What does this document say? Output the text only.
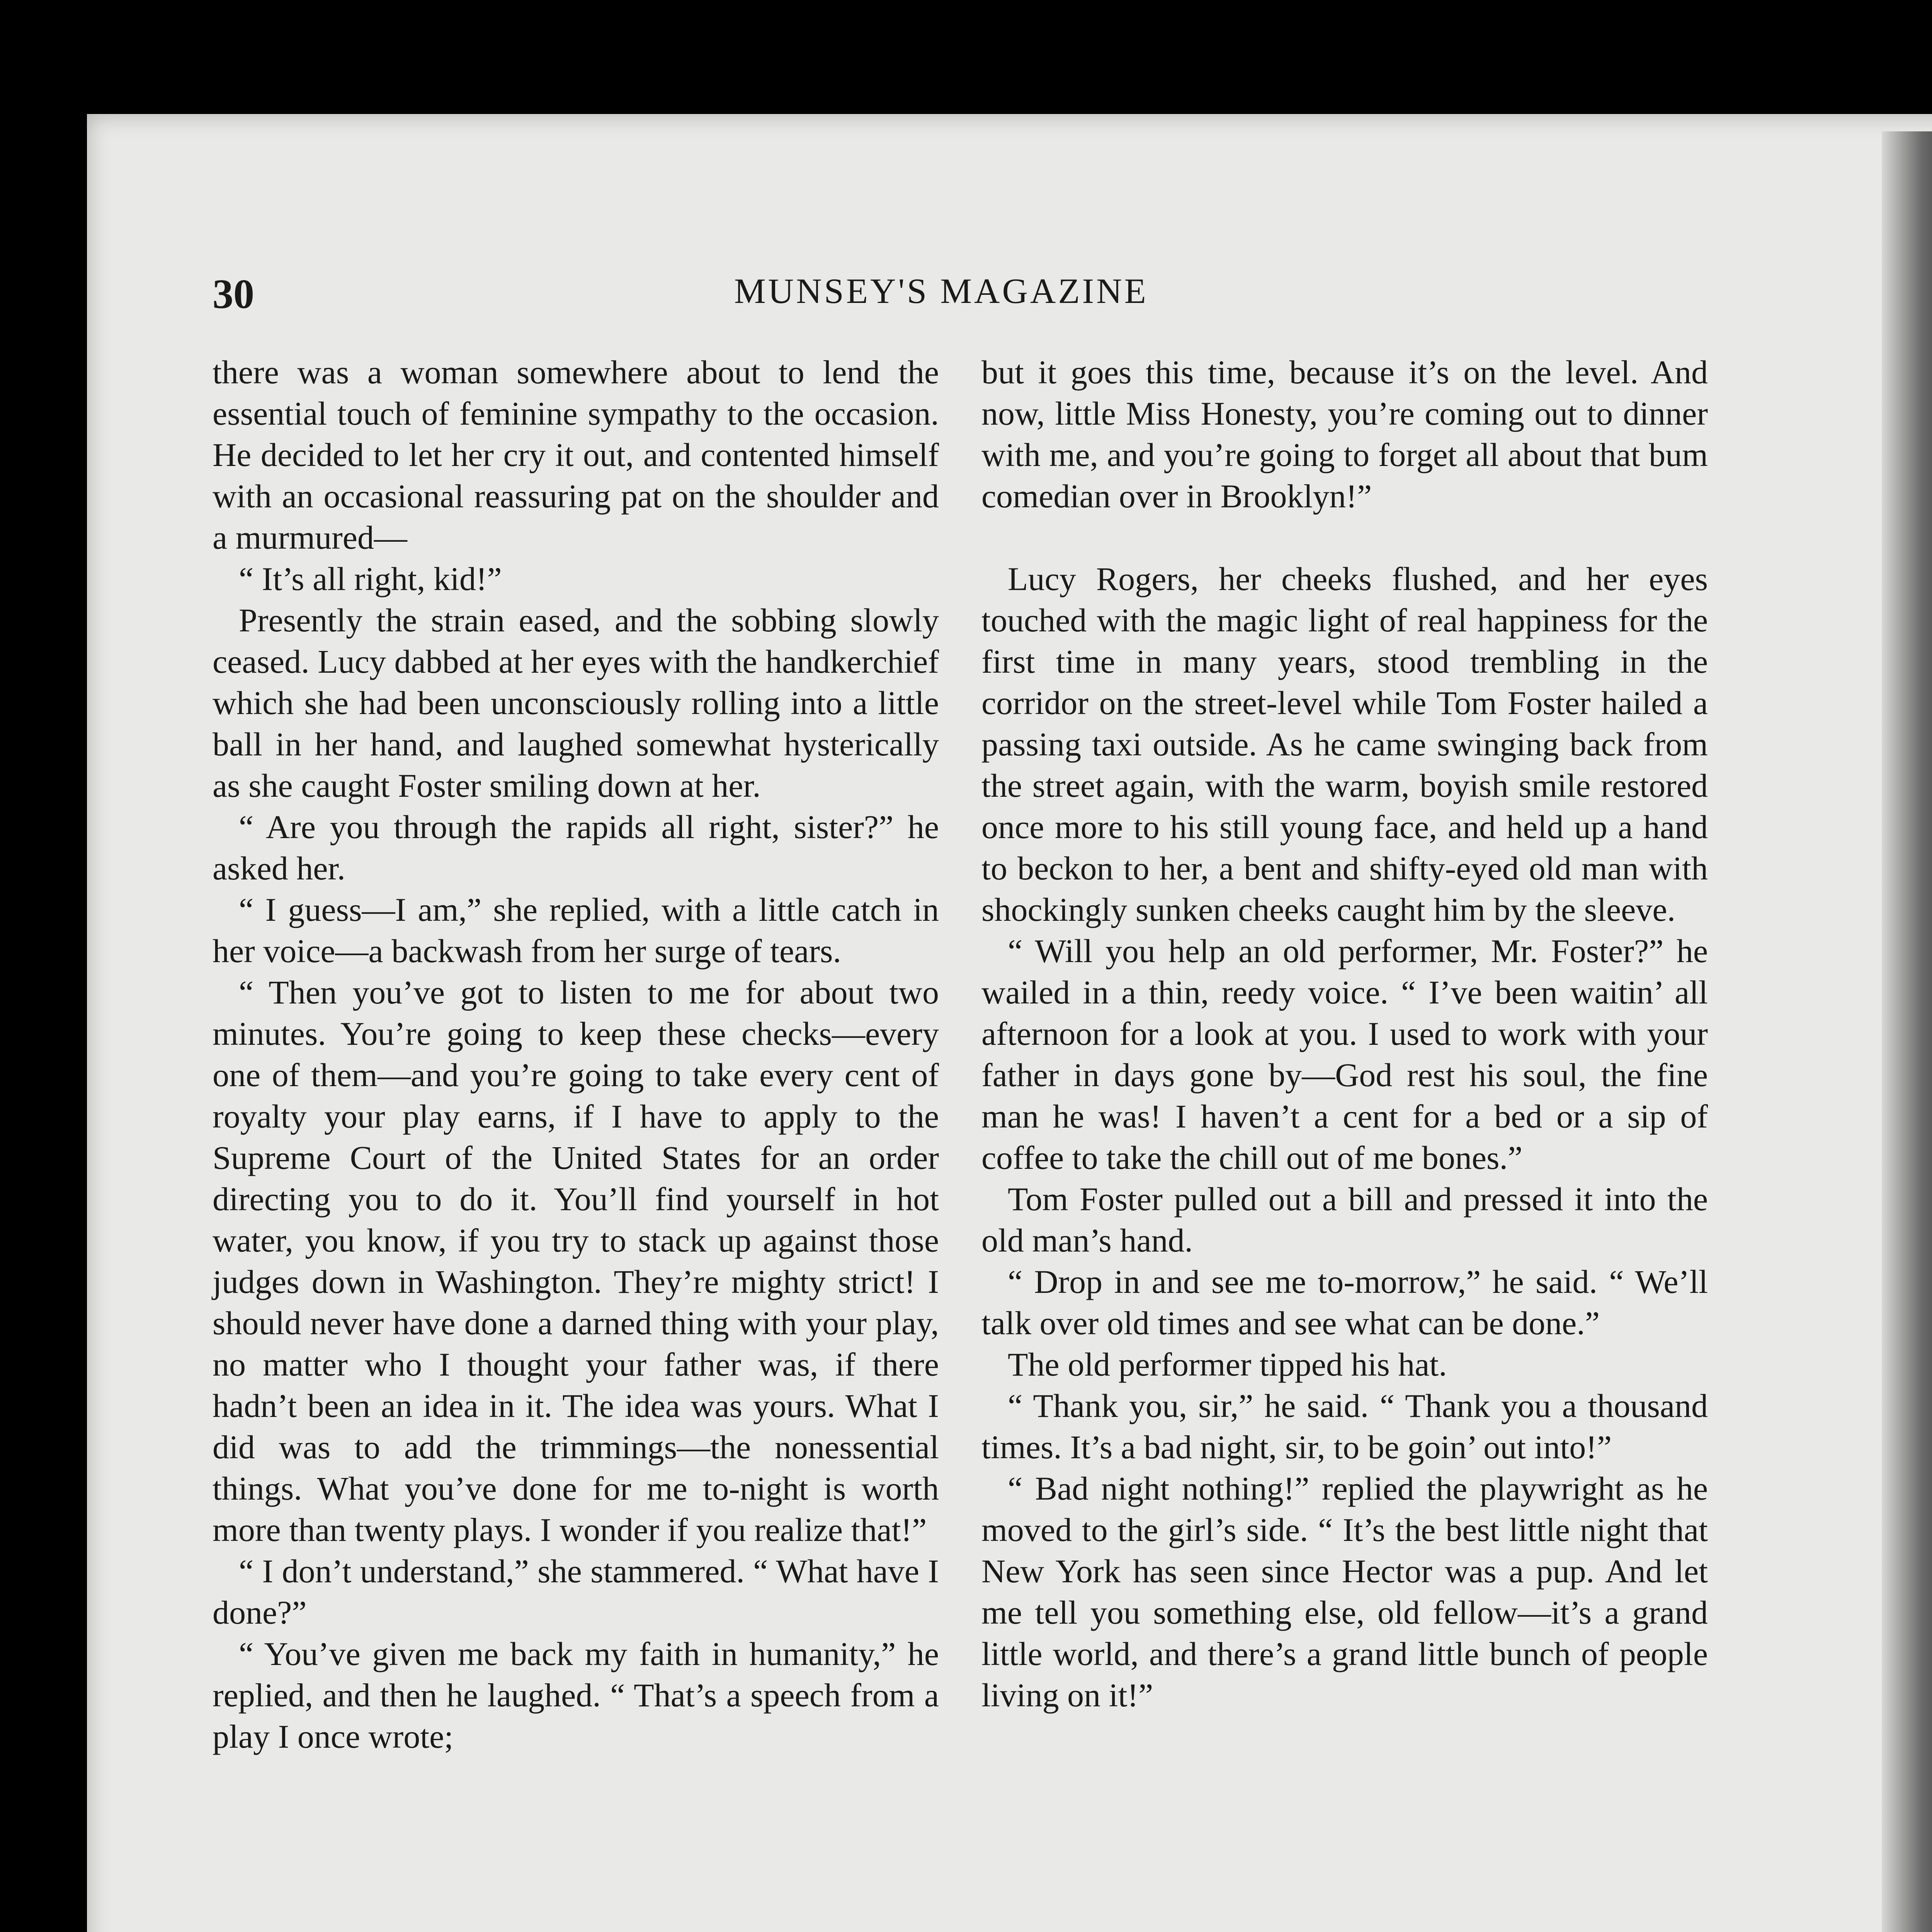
30	MUNSEY'S MAGAZINE

there was a woman somewhere about to lend the essential touch of feminine sympathy to the occasion. He decided to let her cry it out, and contented himself with an occasional reassuring pat on the shoulder and a murmured—

“ It’s all right, kid!”

Presently the strain eased, and the sobbing slowly ceased. Lucy dabbed at her eyes with the handkerchief which she had been unconsciously rolling into a little ball in her hand, and laughed somewhat hysterically as she caught Foster smiling down at her.

“ Are you through the rapids all right, sister?” he asked her.

“ I guess—I am,” she replied, with a little catch in her voice—a backwash from her surge of tears.

“ Then you’ve got to listen to me for about two minutes. You’re going to keep these checks—every one of them—and you’re going to take every cent of royalty your play earns, if I have to apply to the Supreme Court of the United States for an order directing you to do it. You’ll find yourself in hot water, you know, if you try to stack up against those judges down in Washington. They’re mighty strict! I should never have done a darned thing with your play, no matter who I thought your father was, if there hadn’t been an idea in it. The idea was yours. What I did was to add the trimmings—the nonessential things. What you’ve done for me to-night is worth more than twenty plays. I wonder if you realize that!”

“ I don’t understand,” she stammered. “ What have I done?”

“ You’ve given me back my faith in humanity,” he replied, and then he laughed. “ That’s a speech from a play I once wrote;

but it goes this time, because it’s on the level. And now, little Miss Honesty, you’re coming out to dinner with me, and you’re going to forget all about that bum comedian over in Brooklyn!”

Lucy Rogers, her cheeks flushed, and her eyes touched with the magic light of real happiness for the first time in many years, stood trembling in the corridor on the street-level while Tom Foster hailed a passing taxi outside. As he came swinging back from the street again, with the warm, boyish smile restored once more to his still young face, and held up a hand to beckon to her, a bent and shifty-eyed old man with shockingly sunken cheeks caught him by the sleeve.

“ Will you help an old performer, Mr. Foster?” he wailed in a thin, reedy voice. “ I’ve been waitin’ all afternoon for a look at you. I used to work with your father in days gone by—God rest his soul, the fine man he was! I haven’t a cent for a bed or a sip of coffee to take the chill out of me bones.”

Tom Foster pulled out a bill and pressed it into the old man’s hand.

“ Drop in and see me to-morrow,” he said. “ We’ll talk over old times and see what can be done.”

The old performer tipped his hat.

“ Thank you, sir,” he said. “ Thank you a thousand times. It’s a bad night, sir, to be goin’ out into!”

“ Bad night nothing!” replied the playwright as he moved to the girl’s side. “ It’s the best little night that New York has seen since Hector was a pup. And let me tell you something else, old fellow—it’s a grand little world, and there’s a grand little bunch of people living on it!”
